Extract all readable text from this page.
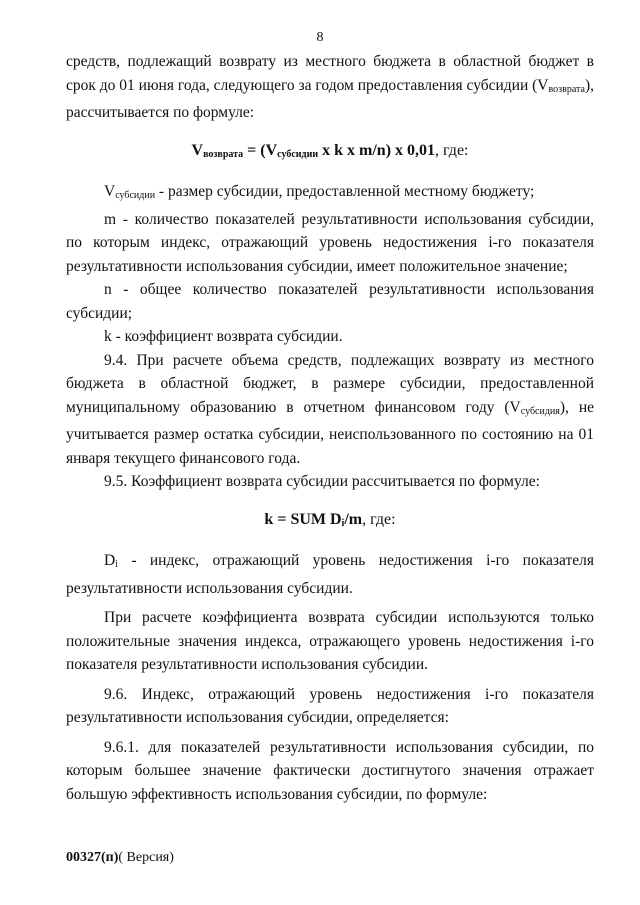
8

средств, подлежащий возврату из местного бюджета в областной бюджет в срок до 01 июня года, следующего за годом предоставления субсидии $(V_{возврата})$, рассчитывается по формуле:

$V_{возврата} = (V_{субсидии}$ x k x m/n) x 0,01, где:

$V_{субсидии}$ - размер субсидии, предоставленной местному бюджету;

m - количество показателей результативности использования субсидии, по которым индекс, отражающий уровень недостижения i-го показателя результативности использования субсидии, имеет положительное значение;

n - общее количество показателей результативности использования субсидии;

k - коэффициент возврата субсидии.

9.4. При расчете объема средств, подлежащих возврату из местного бюджета в областной бюджет, в размере субсидии, предоставленной муниципальному образованию в отчетном финансовом году $(V_{субсидия})$, не учитывается размер остатка субсидии, неиспользованного по состоянию на 01 января текущего финансового года.

9.5. Коэффициент возврата субсидии рассчитывается по формуле:

k = SUM $D_i/m$, где:

$D_i$ - индекс, отражающий уровень недостижения i-го показателя результативности использования субсидии.

При расчете коэффициента возврата субсидии используются только положительные значения индекса, отражающего уровень недостижения i-го показателя результативности использования субсидии.

9.6. Индекс, отражающий уровень недостижения i-го показателя результативности использования субсидии, определяется:

9.6.1. для показателей результативности использования субсидии, по которым большее значение фактически достигнутого значения отражает большую эффективность использования субсидии, по формуле:

00327(п)( Версия)
